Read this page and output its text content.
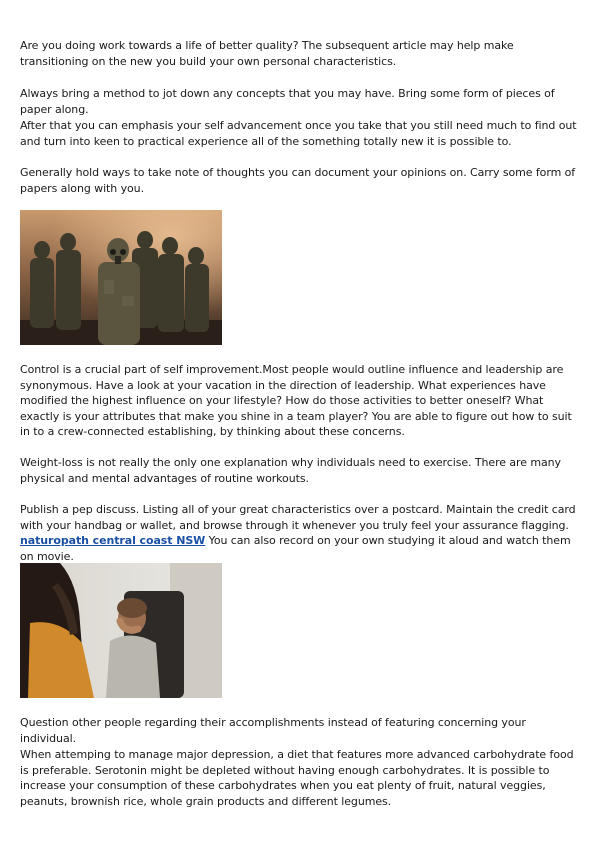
Are you doing work towards a life of better quality? The subsequent article may help make transitioning on the new you build your own personal characteristics.

Always bring a method to jot down any concepts that you may have. Bring some form of pieces of paper along.

After that you can emphasis your self advancement once you take that you still need much to find out and turn into keen to practical experience all of the something totally new it is possible to.

Generally hold ways to take note of thoughts you can document your opinions on. Carry some form of papers along with you.

Control is a crucial part of self improvement.Most people would outline influence and leadership are synonymous. Have a look at your vacation in the direction of leadership. What experiences have modified the highest influence on your lifestyle? How do those activities to better oneself? What exactly is your attributes that make you shine in a team player? You are able to figure out how to suit in to a crew-connected establishing, by thinking about these concerns.

Weight-loss is not really the only one explanation why individuals need to exercise. There are many physical and mental advantages of routine workouts.

Publish a pep discuss. Listing all of your great characteristics over a postcard. Maintain the credit card with your handbag or wallet, and browse through it whenever you truly feel your assurance flagging. naturopath central coast NSW You can also record on your own studying it aloud and watch them on movie.

Question other people regarding their accomplishments instead of featuring concerning your individual.

When attemping to manage major depression, a diet that features more advanced carbohydrate food is preferable. Serotonin might be depleted without having enough carbohydrates. It is possible to increase your consumption of these carbohydrates when you eat plenty of fruit, natural veggies, peanuts, brownish rice, whole grain products and different legumes.
